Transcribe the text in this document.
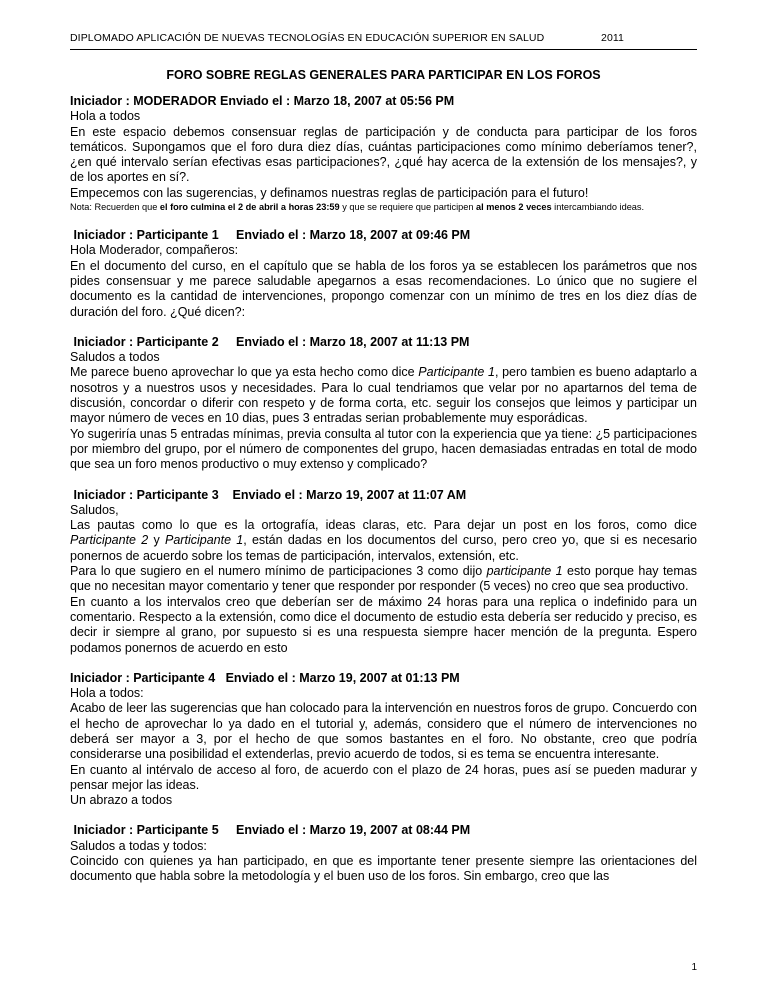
DIPLOMADO APLICACIÓN DE NUEVAS TECNOLOGÍAS EN EDUCACIÓN SUPERIOR EN SALUD	2011
FORO SOBRE REGLAS GENERALES PARA PARTICIPAR EN LOS FOROS

Iniciador : MODERADOR Enviado el : Marzo 18, 2007 at 05:56 PM

Hola a todos

En este espacio debemos consensuar reglas de participación y de conducta para participar de los foros temáticos. Supongamos que el foro dura diez días, cuántas participaciones como mínimo deberíamos tener?, ¿en qué intervalo serían efectivas esas participaciones?, ¿qué hay acerca de la extensión de los mensajes?, y de los aportes en sí?.

Empecemos con las sugerencias, y definamos nuestras reglas de participación para el futuro!

Nota: Recuerden que el foro culmina el 2 de abril a horas 23:59 y que se requiere que participen al menos 2 veces intercambiando ideas.

Iniciador : Participante 1     Enviado el : Marzo 18, 2007 at 09:46 PM

Hola Moderador, compañeros:

En el documento del curso, en el capítulo que se habla de los foros ya se establecen los parámetros que nos pides consensuar y me parece saludable apegarnos a esas recomendaciones. Lo único que no sugiere el documento es la cantidad de intervenciones, propongo comenzar con un mínimo de tres en los diez días de duración del foro. ¿Qué dicen?:

Iniciador : Participante 2     Enviado el : Marzo 18, 2007 at 11:13 PM

Saludos a todos

Me parece bueno aprovechar lo que ya esta hecho como dice Participante 1, pero tambien es bueno adaptarlo a nosotros y a nuestros usos y necesidades. Para lo cual tendriamos que velar por no apartarnos del tema de discusión, concordar o diferir con respeto y de forma corta, etc. seguir los consejos que leimos y participar un mayor número de veces en 10 dias, pues 3 entradas serian probablemente muy esporádicas.

Yo sugeriría unas 5 entradas mínimas, previa consulta al tutor con la experiencia que ya tiene: ¿5 participaciones por miembro del grupo, por el número de componentes del grupo, hacen demasiadas entradas en total de modo que sea un foro menos productivo o muy extenso y complicado?

Iniciador : Participante 3    Enviado el : Marzo 19, 2007 at 11:07 AM

Saludos,

Las pautas como lo que es la ortografía, ideas claras, etc. Para dejar un post en los foros, como dice Participante 2 y Participante 1, están dadas en los documentos del curso, pero creo yo, que si es necesario ponernos de acuerdo sobre los temas de participación, intervalos, extensión, etc.

Para lo que sugiero en el numero mínimo de participaciones 3 como dijo participante 1 esto porque hay temas que no necesitan mayor comentario y tener que responder por responder (5 veces) no creo que sea productivo.

En cuanto a los intervalos creo que deberían ser de máximo 24 horas para una replica o indefinido para un comentario. Respecto a la extensión, como dice el documento de estudio esta debería ser reducido y preciso, es decir ir siempre al grano, por supuesto si es una respuesta siempre hacer mención de la pregunta. Espero podamos ponernos de acuerdo en esto

Iniciador : Participante 4   Enviado el : Marzo 19, 2007 at 01:13 PM

Hola a todos:

Acabo de leer las sugerencias que han colocado para la intervención en nuestros foros de grupo. Concuerdo con el hecho de aprovechar lo ya dado en el tutorial y, además, considero que el número de intervenciones no deberá ser mayor a 3, por el hecho de que somos bastantes en el foro. No obstante, creo que podría considerarse una posibilidad el extenderlas, previo acuerdo de todos, si es tema se encuentra interesante.

En cuanto al intérvalo de acceso al foro, de acuerdo con el plazo de 24 horas, pues así se pueden madurar y pensar mejor las ideas.

Un abrazo a todos

Iniciador : Participante 5     Enviado el : Marzo 19, 2007 at 08:44 PM

Saludos a todas y todos:

Coincido con quienes ya han participado, en que es importante tener presente siempre las orientaciones del documento que habla sobre la metodología y el buen uso de los foros. Sin embargo, creo que las

1
